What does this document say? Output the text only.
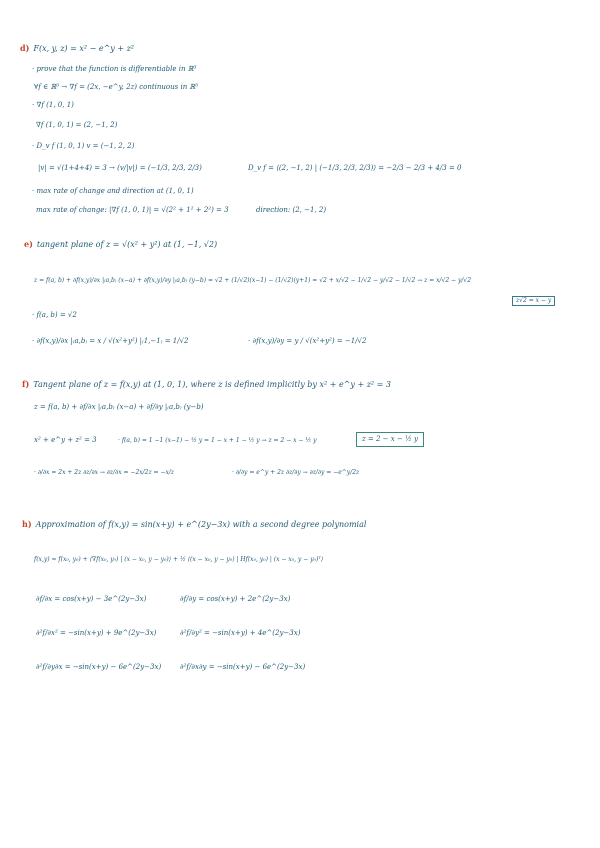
d) F(x, y, z) = x² − e^y + z²
· prove that the function is differentiable in ℝ³
∀f ∈ ℝ³ → ∇f = (2x, −e^y, 2z) continuous in ℝ³
· ∇f (1, 0, 1)
∇f (1, 0, 1) = (2, −1, 2)
· D_v f (1, 0, 1) v = (−1, 2, 2)
|v| = √(1+4+4) = 3 → (v/|v|) = (−1/3, 2/3, 2/3)	D_v f = ⟨(2, −1, 2) | (−1/3, 2/3, 2/3)⟩ = −2/3 − 2/3 + 4/3 = 0
· max rate of change and direction at (1, 0, 1)
max rate of change: |∇f (1, 0, 1)| = √(2² + 1² + 2²) = 3	direction: (2, −1, 2)
e) tangent plane of z = √(x² + y²) at (1, −1, √2)
z = f(a, b) + ∂f(x,y)/∂x |₍a,b₎ (x−a) + ∂f(x,y)/∂y |₍a,b₎ (y−b) = √2 + (1/√2)(x−1) − (1/√2)(y+1) = √2 + x/√2 − 1/√2 − y/√2 − 1/√2 → z = x/√2 − y/√2
z√2 = x − y
· f(a, b) = √2
· ∂f(x,y)/∂x |₍a,b₎ = x / √(x²+y²) |₍1,−1₎ = 1/√2	· ∂f(x,y)/∂y = y / √(x²+y²) = −1/√2
f) Tangent plane of z = f(x,y) at (1, 0, 1), where z is defined implicitly by x² + e^y + z² = 3
z = f(a, b) + ∂f/∂x |₍a,b₎ (x−a) + ∂f/∂y |₍a,b₎ (y−b)
x² + e^y + z² = 3	· f(a, b) = 1 −1 (x−1) − ½ y = 1 − x + 1 − ½ y → z = 2 − x − ½ y	z = 2 − x − ½ y
· ∂/∂x = 2x + 2z ∂z/∂x → ∂z/∂x = −2x/2z = −x/z	· ∂/∂y = e^y + 2z ∂z/∂y → ∂z/∂y = −e^y/2z
h) Approximation of f(x,y) = sin(x+y) + e^(2y−3x) with a second degree polynomial
f(x,y) ≈ f(x₀, y₀) + ⟨∇f(x₀, y₀) | (x − x₀, y − y₀)⟩ + ½ ⟨(x − x₀, y − y₀) | Hf(x₀, y₀) | (x − x₀, y − y₀)ᵀ⟩
∂f/∂x = cos(x+y) − 3e^(2y−3x)	∂f/∂y = cos(x+y) + 2e^(2y−3x)
∂²f/∂x² = −sin(x+y) + 9e^(2y−3x)	∂²f/∂y² = −sin(x+y) + 4e^(2y−3x)
∂²f/∂y∂x = −sin(x+y) − 6e^(2y−3x)	∂²f/∂x∂y = −sin(x+y) − 6e^(2y−3x)
